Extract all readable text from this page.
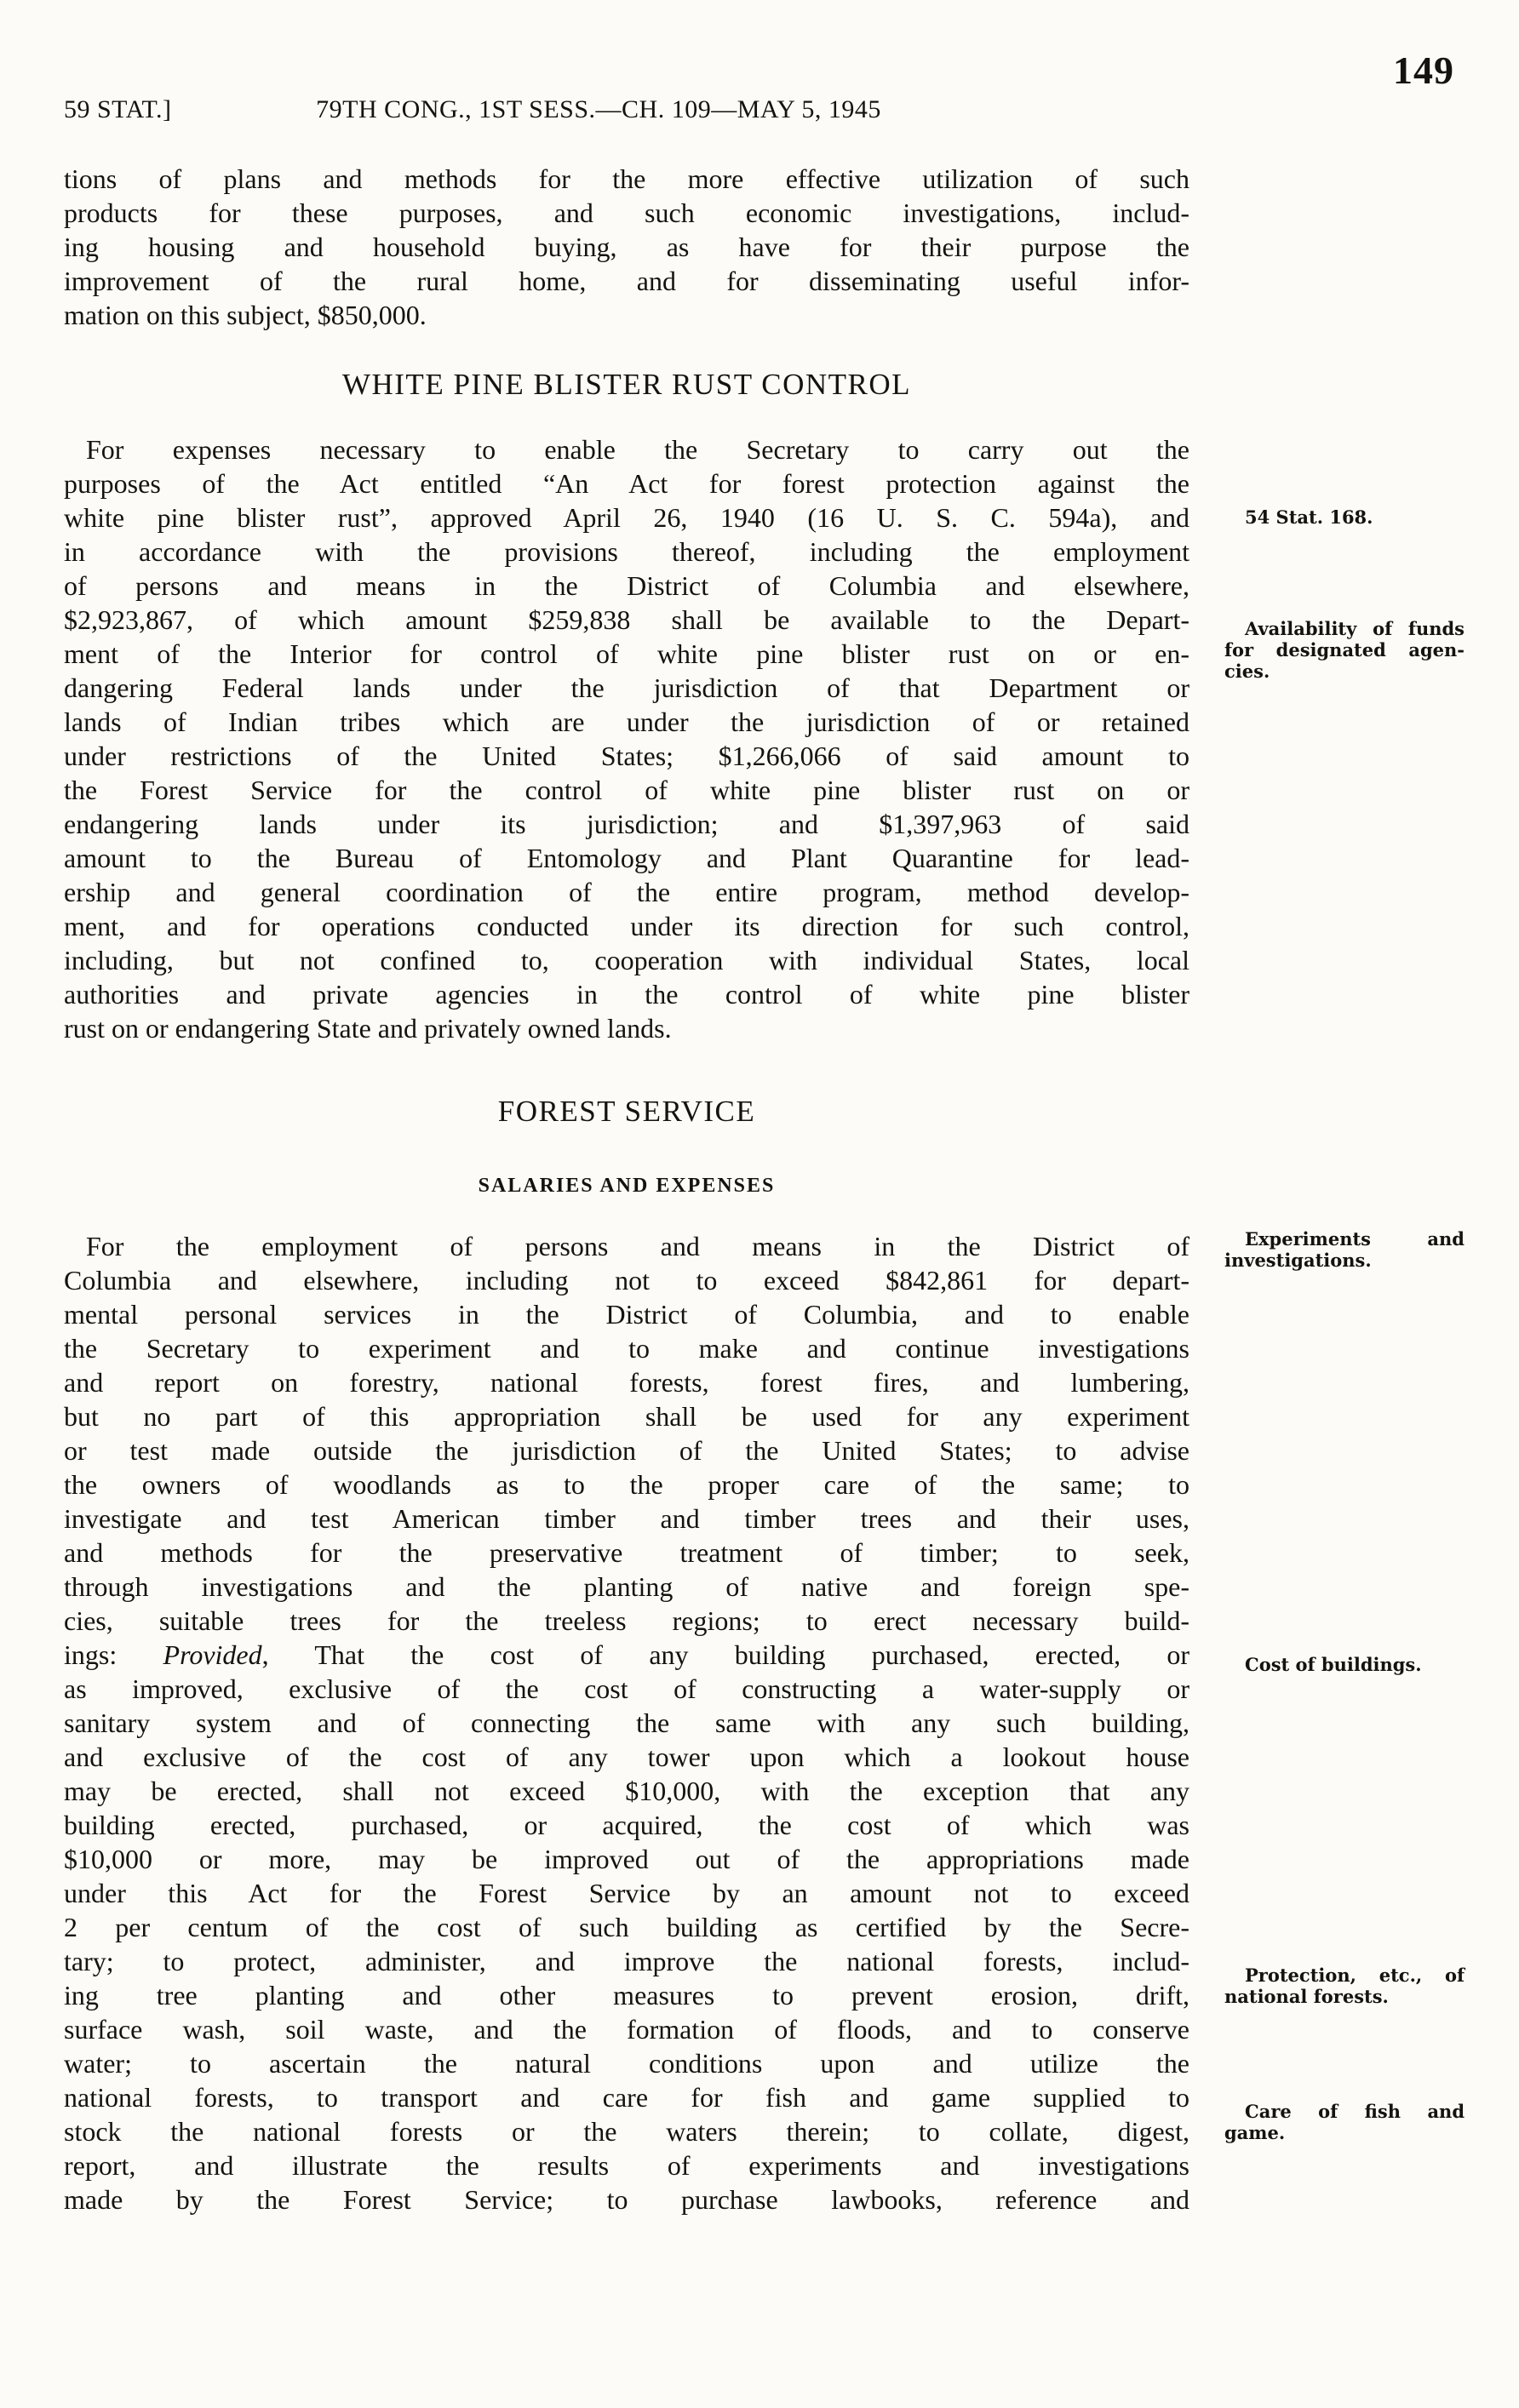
59 STAT.]	79TH CONG., 1ST SESS.—CH. 109—MAY 5, 1945
149
tions of plans and methods for the more effective utilization of such
products for these purposes, and such economic investigations, includ-
ing housing and household buying, as have for their purpose the
improvement of the rural home, and for disseminating useful infor-
mation on this subject, $850,000.
WHITE PINE BLISTER RUST CONTROL
For expenses necessary to enable the Secretary to carry out the
purposes of the Act entitled “An Act for forest protection against the
white pine blister rust”, approved April 26, 1940 (16 U. S. C. 594a), and
in accordance with the provisions thereof, including the employment
of persons and means in the District of Columbia and elsewhere,
$2,923,867, of which amount $259,838 shall be available to the Depart-
ment of the Interior for control of white pine blister rust on or en-
dangering Federal lands under the jurisdiction of that Department or
lands of Indian tribes which are under the jurisdiction of or retained
under restrictions of the United States; $1,266,066 of said amount to
the Forest Service for the control of white pine blister rust on or
endangering lands under its jurisdiction; and $1,397,963 of said
amount to the Bureau of Entomology and Plant Quarantine for lead-
ership and general coordination of the entire program, method develop-
ment, and for operations conducted under its direction for such control,
including, but not confined to, cooperation with individual States, local
authorities and private agencies in the control of white pine blister
rust on or endangering State and privately owned lands.
FOREST SERVICE
SALARIES AND EXPENSES
For the employment of persons and means in the District of
Columbia and elsewhere, including not to exceed $842,861 for depart-
mental personal services in the District of Columbia, and to enable
the Secretary to experiment and to make and continue investigations
and report on forestry, national forests, forest fires, and lumbering,
but no part of this appropriation shall be used for any experiment
or test made outside the jurisdiction of the United States; to advise
the owners of woodlands as to the proper care of the same; to
investigate and test American timber and timber trees and their uses,
and methods for the preservative treatment of timber; to seek,
through investigations and the planting of native and foreign spe-
cies, suitable trees for the treeless regions; to erect necessary build-
ings: Provided, That the cost of any building purchased, erected, or
as improved, exclusive of the cost of constructing a water-supply or
sanitary system and of connecting the same with any such building,
and exclusive of the cost of any tower upon which a lookout house
may be erected, shall not exceed $10,000, with the exception that any
building erected, purchased, or acquired, the cost of which was
$10,000 or more, may be improved out of the appropriations made
under this Act for the Forest Service by an amount not to exceed
2 per centum of the cost of such building as certified by the Secre-
tary; to protect, administer, and improve the national forests, includ-
ing tree planting and other measures to prevent erosion, drift,
surface wash, soil waste, and the formation of floods, and to conserve
water; to ascertain the natural conditions upon and utilize the
national forests, to transport and care for fish and game supplied to
stock the national forests or the waters therein; to collate, digest,
report, and illustrate the results of experiments and investigations
made by the Forest Service; to purchase lawbooks, reference and
54 Stat. 168.
Availability of funds
for designated agen-
cies.
Experiments and
investigations.
Cost of buildings.
Protection, etc., of
national forests.
Care of fish and
game.
